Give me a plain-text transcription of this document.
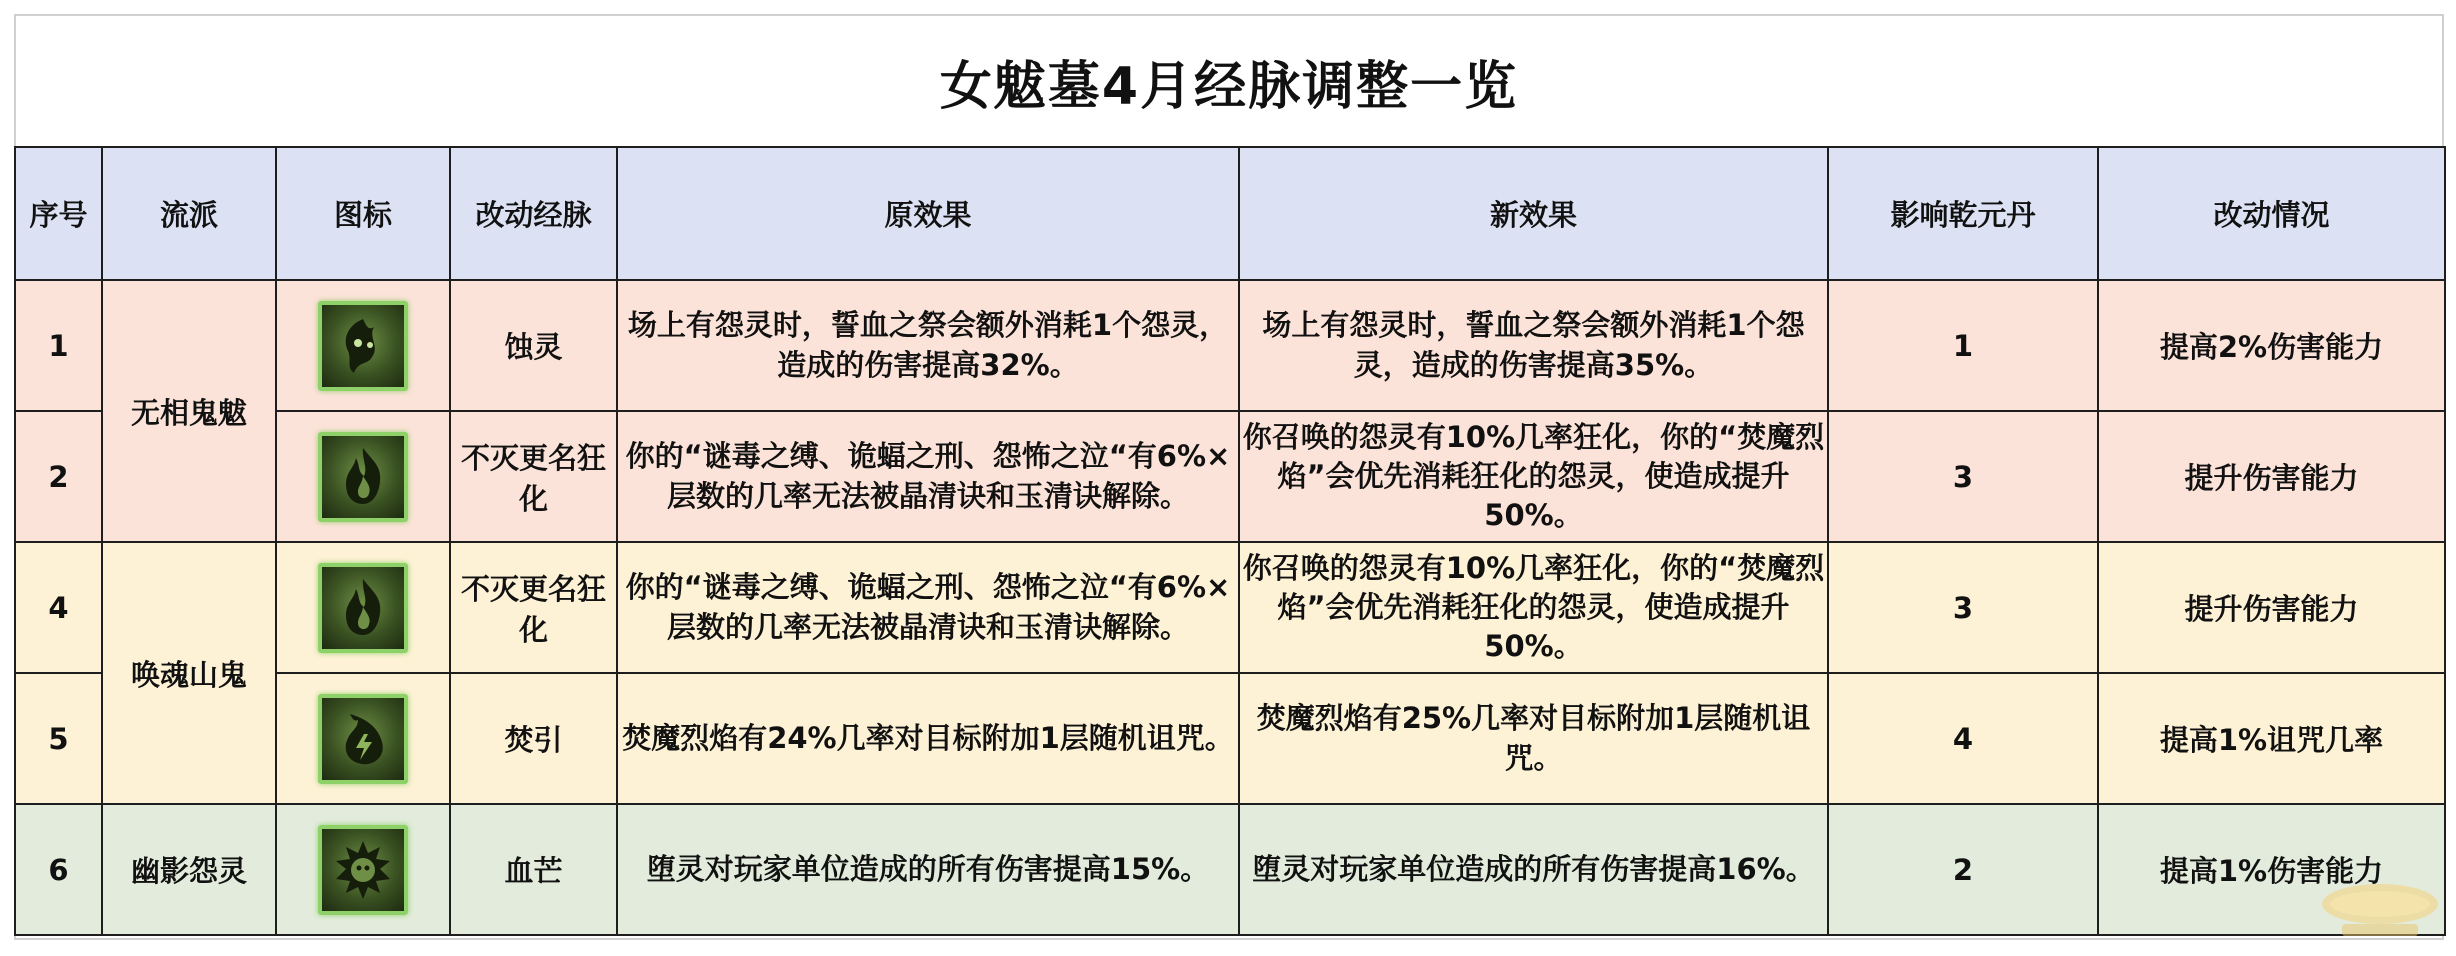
女魃墓4月经脉调整一览
序号	流派	图标	改动经脉	原效果	新效果	影响乾元丹	改动情况
1	无相鬼魃		蚀灵	场上有怨灵时，誓血之祭会额外消耗1个怨灵，造成的伤害提高32%。	场上有怨灵时，誓血之祭会额外消耗1个怨灵，造成的伤害提高35%。	1	提高2%伤害能力
2			不灭更名狂化	你的“谜毒之缚、诡蝠之刑、怨怖之泣“有6%×层数的几率无法被晶清诀和玉清诀解除。	你召唤的怨灵有10%几率狂化，你的“焚魔烈焰”会优先消耗狂化的怨灵，使造成提升50%。	3	提升伤害能力
4	唤魂山鬼		不灭更名狂化	你的“谜毒之缚、诡蝠之刑、怨怖之泣“有6%×层数的几率无法被晶清诀和玉清诀解除。	你召唤的怨灵有10%几率狂化，你的“焚魔烈焰”会优先消耗狂化的怨灵，使造成提升50%。	3	提升伤害能力
5			焚引	焚魔烈焰有24%几率对目标附加1层随机诅咒。	焚魔烈焰有25%几率对目标附加1层随机诅咒。	4	提高1%诅咒几率
6	幽影怨灵		血芒	堕灵对玩家单位造成的所有伤害提高15%。	堕灵对玩家单位造成的所有伤害提高16%。	2	提高1%伤害能力
